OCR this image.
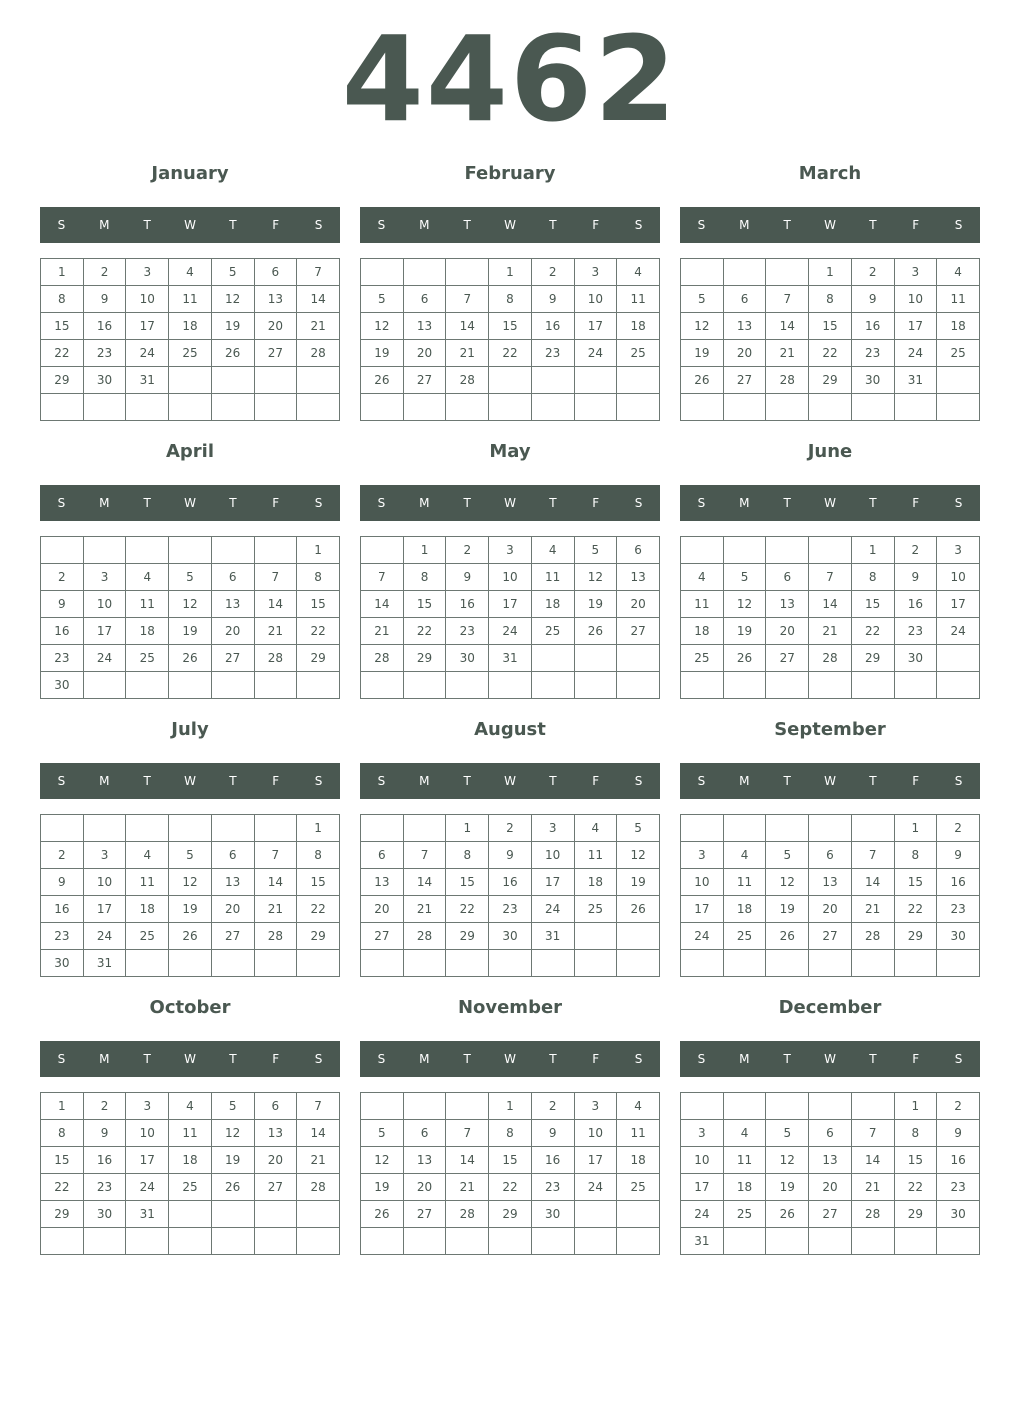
4462
January
S	M	T	W	T	F	S
1	2	3	4	5	6	7
8	9	10	11	12	13	14
15	16	17	18	19	20	21
22	23	24	25	26	27	28
29	30	31				

February
S	M	T	W	T	F	S
			1	2	3	4
5	6	7	8	9	10	11
12	13	14	15	16	17	18
19	20	21	22	23	24	25
26	27	28				

March
S	M	T	W	T	F	S
			1	2	3	4
5	6	7	8	9	10	11
12	13	14	15	16	17	18
19	20	21	22	23	24	25
26	27	28	29	30	31	

April
S	M	T	W	T	F	S
						1
2	3	4	5	6	7	8
9	10	11	12	13	14	15
16	17	18	19	20	21	22
23	24	25	26	27	28	29
30						
May
S	M	T	W	T	F	S
	1	2	3	4	5	6
7	8	9	10	11	12	13
14	15	16	17	18	19	20
21	22	23	24	25	26	27
28	29	30	31			

June
S	M	T	W	T	F	S
				1	2	3
4	5	6	7	8	9	10
11	12	13	14	15	16	17
18	19	20	21	22	23	24
25	26	27	28	29	30	

July
S	M	T	W	T	F	S
						1
2	3	4	5	6	7	8
9	10	11	12	13	14	15
16	17	18	19	20	21	22
23	24	25	26	27	28	29
30	31					
August
S	M	T	W	T	F	S
		1	2	3	4	5
6	7	8	9	10	11	12
13	14	15	16	17	18	19
20	21	22	23	24	25	26
27	28	29	30	31		

September
S	M	T	W	T	F	S
					1	2
3	4	5	6	7	8	9
10	11	12	13	14	15	16
17	18	19	20	21	22	23
24	25	26	27	28	29	30

October
S	M	T	W	T	F	S
1	2	3	4	5	6	7
8	9	10	11	12	13	14
15	16	17	18	19	20	21
22	23	24	25	26	27	28
29	30	31				

November
S	M	T	W	T	F	S
			1	2	3	4
5	6	7	8	9	10	11
12	13	14	15	16	17	18
19	20	21	22	23	24	25
26	27	28	29	30		

December
S	M	T	W	T	F	S
					1	2
3	4	5	6	7	8	9
10	11	12	13	14	15	16
17	18	19	20	21	22	23
24	25	26	27	28	29	30
31						
